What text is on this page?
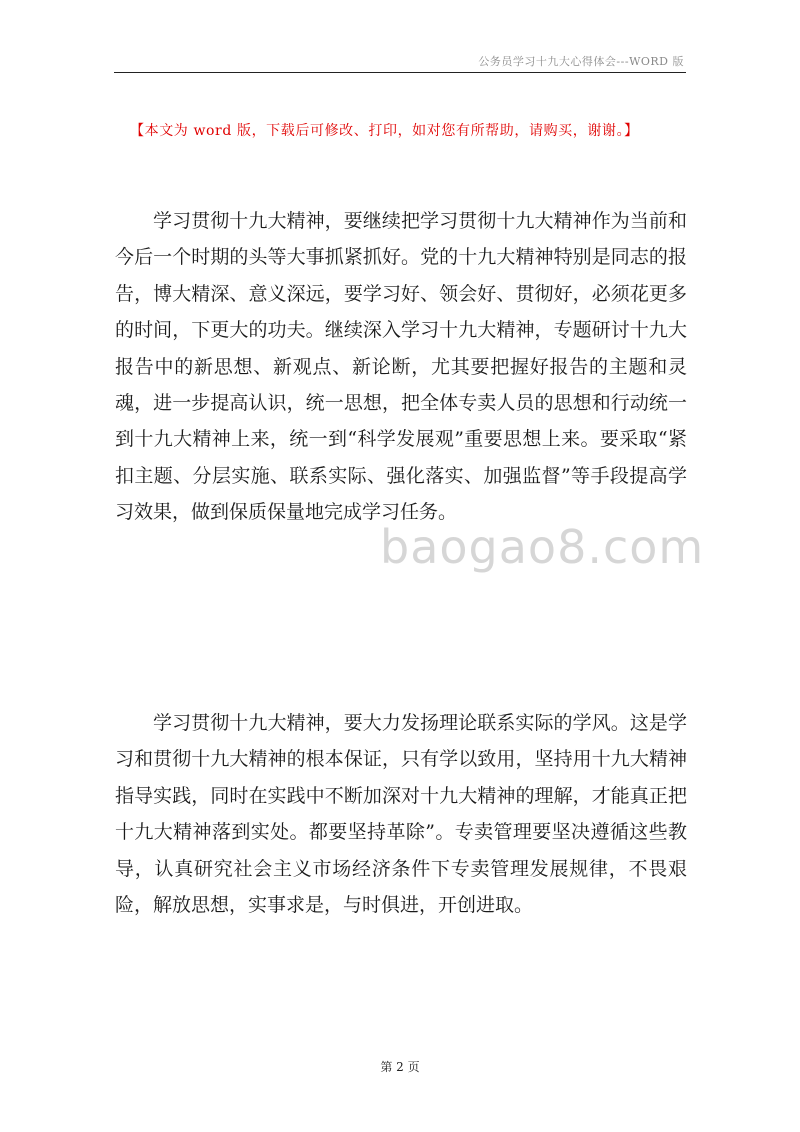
公务员学习十九大心得体会---WORD 版
【本文为 word 版，下载后可修改、打印，如对您有所帮助，请购买，谢谢。】

学习贯彻十九大精神，要继续把学习贯彻十九大精神作为当前和今后一个时期的头等大事抓紧抓好。党的十九大精神特别是同志的报告，博大精深、意义深远，要学习好、领会好、贯彻好，必须花更多的时间，下更大的功夫。继续深入学习十九大精神，专题研讨十九大报告中的新思想、新观点、新论断，尤其要把握好报告的主题和灵魂，进一步提高认识，统一思想，把全体专卖人员的思想和行动统一到十九大精神上来，统一到“科学发展观”重要思想上来。要采取“紧扣主题、分层实施、联系实际、强化落实、加强监督”等手段提高学习效果，做到保质保量地完成学习任务。

baogao8.com

学习贯彻十九大精神，要大力发扬理论联系实际的学风。这是学习和贯彻十九大精神的根本保证，只有学以致用，坚持用十九大精神指导实践，同时在实践中不断加深对十九大精神的理解，才能真正把十九大精神落到实处。都要坚持革除”。专卖管理要坚决遵循这些教导，认真研究社会主义市场经济条件下专卖管理发展规律，不畏艰险，解放思想，实事求是，与时俱进，开创进取。

第 2 页
